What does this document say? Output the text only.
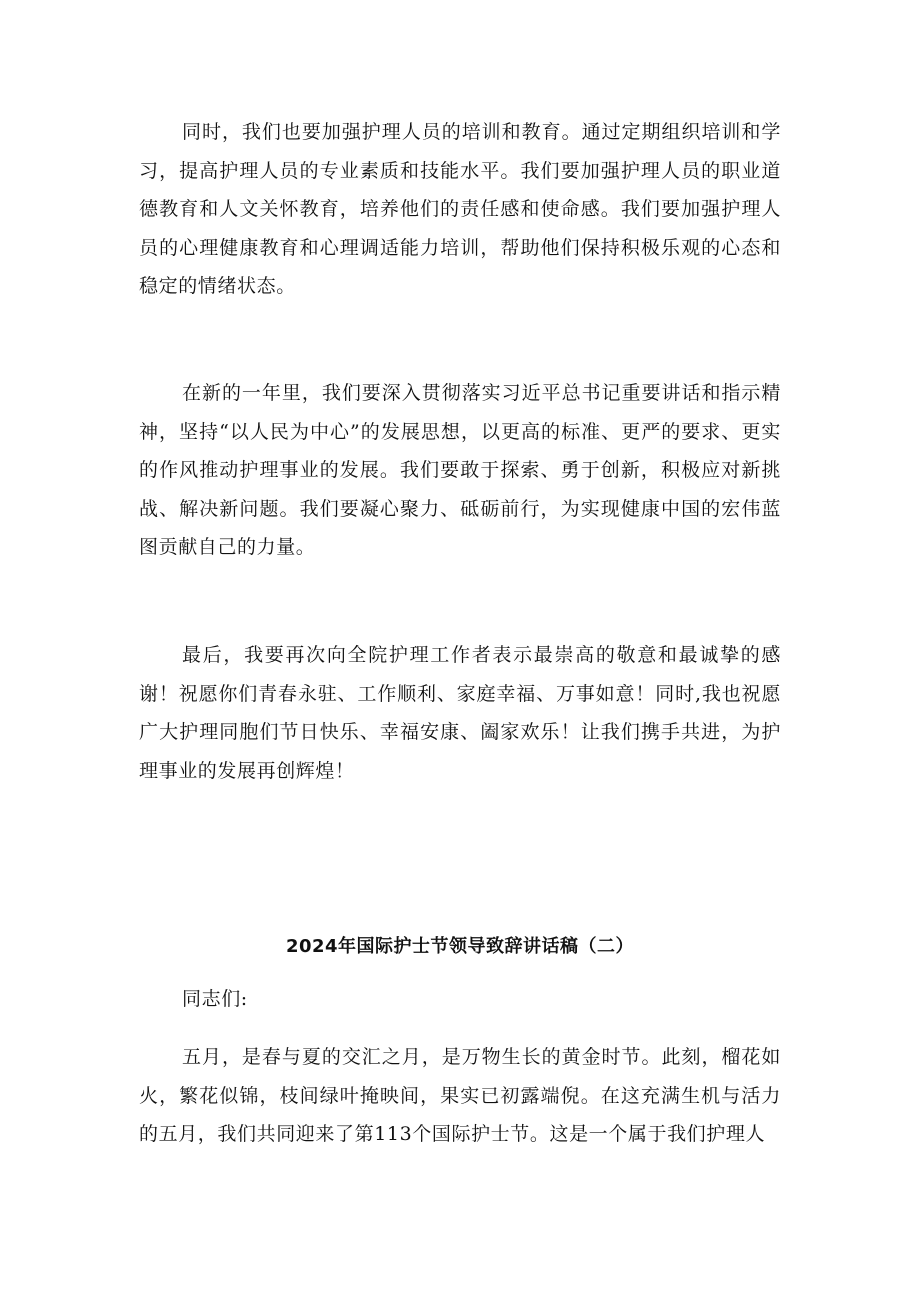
同时，我们也要加强护理人员的培训和教育。通过定期组织培训和学习，提高护理人员的专业素质和技能水平。我们要加强护理人员的职业道德教育和人文关怀教育，培养他们的责任感和使命感。我们要加强护理人员的心理健康教育和心理调适能力培训，帮助他们保持积极乐观的心态和稳定的情绪状态。

在新的一年里，我们要深入贯彻落实习近平总书记重要讲话和指示精神，坚持“以人民为中心”的发展思想，以更高的标准、更严的要求、更实的作风推动护理事业的发展。我们要敢于探索、勇于创新，积极应对新挑战、解决新问题。我们要凝心聚力、砥砺前行，为实现健康中国的宏伟蓝图贡献自己的力量。

最后，我要再次向全院护理工作者表示最崇高的敬意和最诚挚的感谢！祝愿你们青春永驻、工作顺利、家庭幸福、万事如意！同时,我也祝愿广大护理同胞们节日快乐、幸福安康、阖家欢乐！让我们携手共进，为护理事业的发展再创辉煌！

2024年国际护士节领导致辞讲话稿（二）

同志们:

五月，是春与夏的交汇之月，是万物生长的黄金时节。此刻，榴花如火，繁花似锦，枝间绿叶掩映间，果实已初露端倪。在这充满生机与活力的五月，我们共同迎来了第113个国际护士节。这是一个属于我们护理人
